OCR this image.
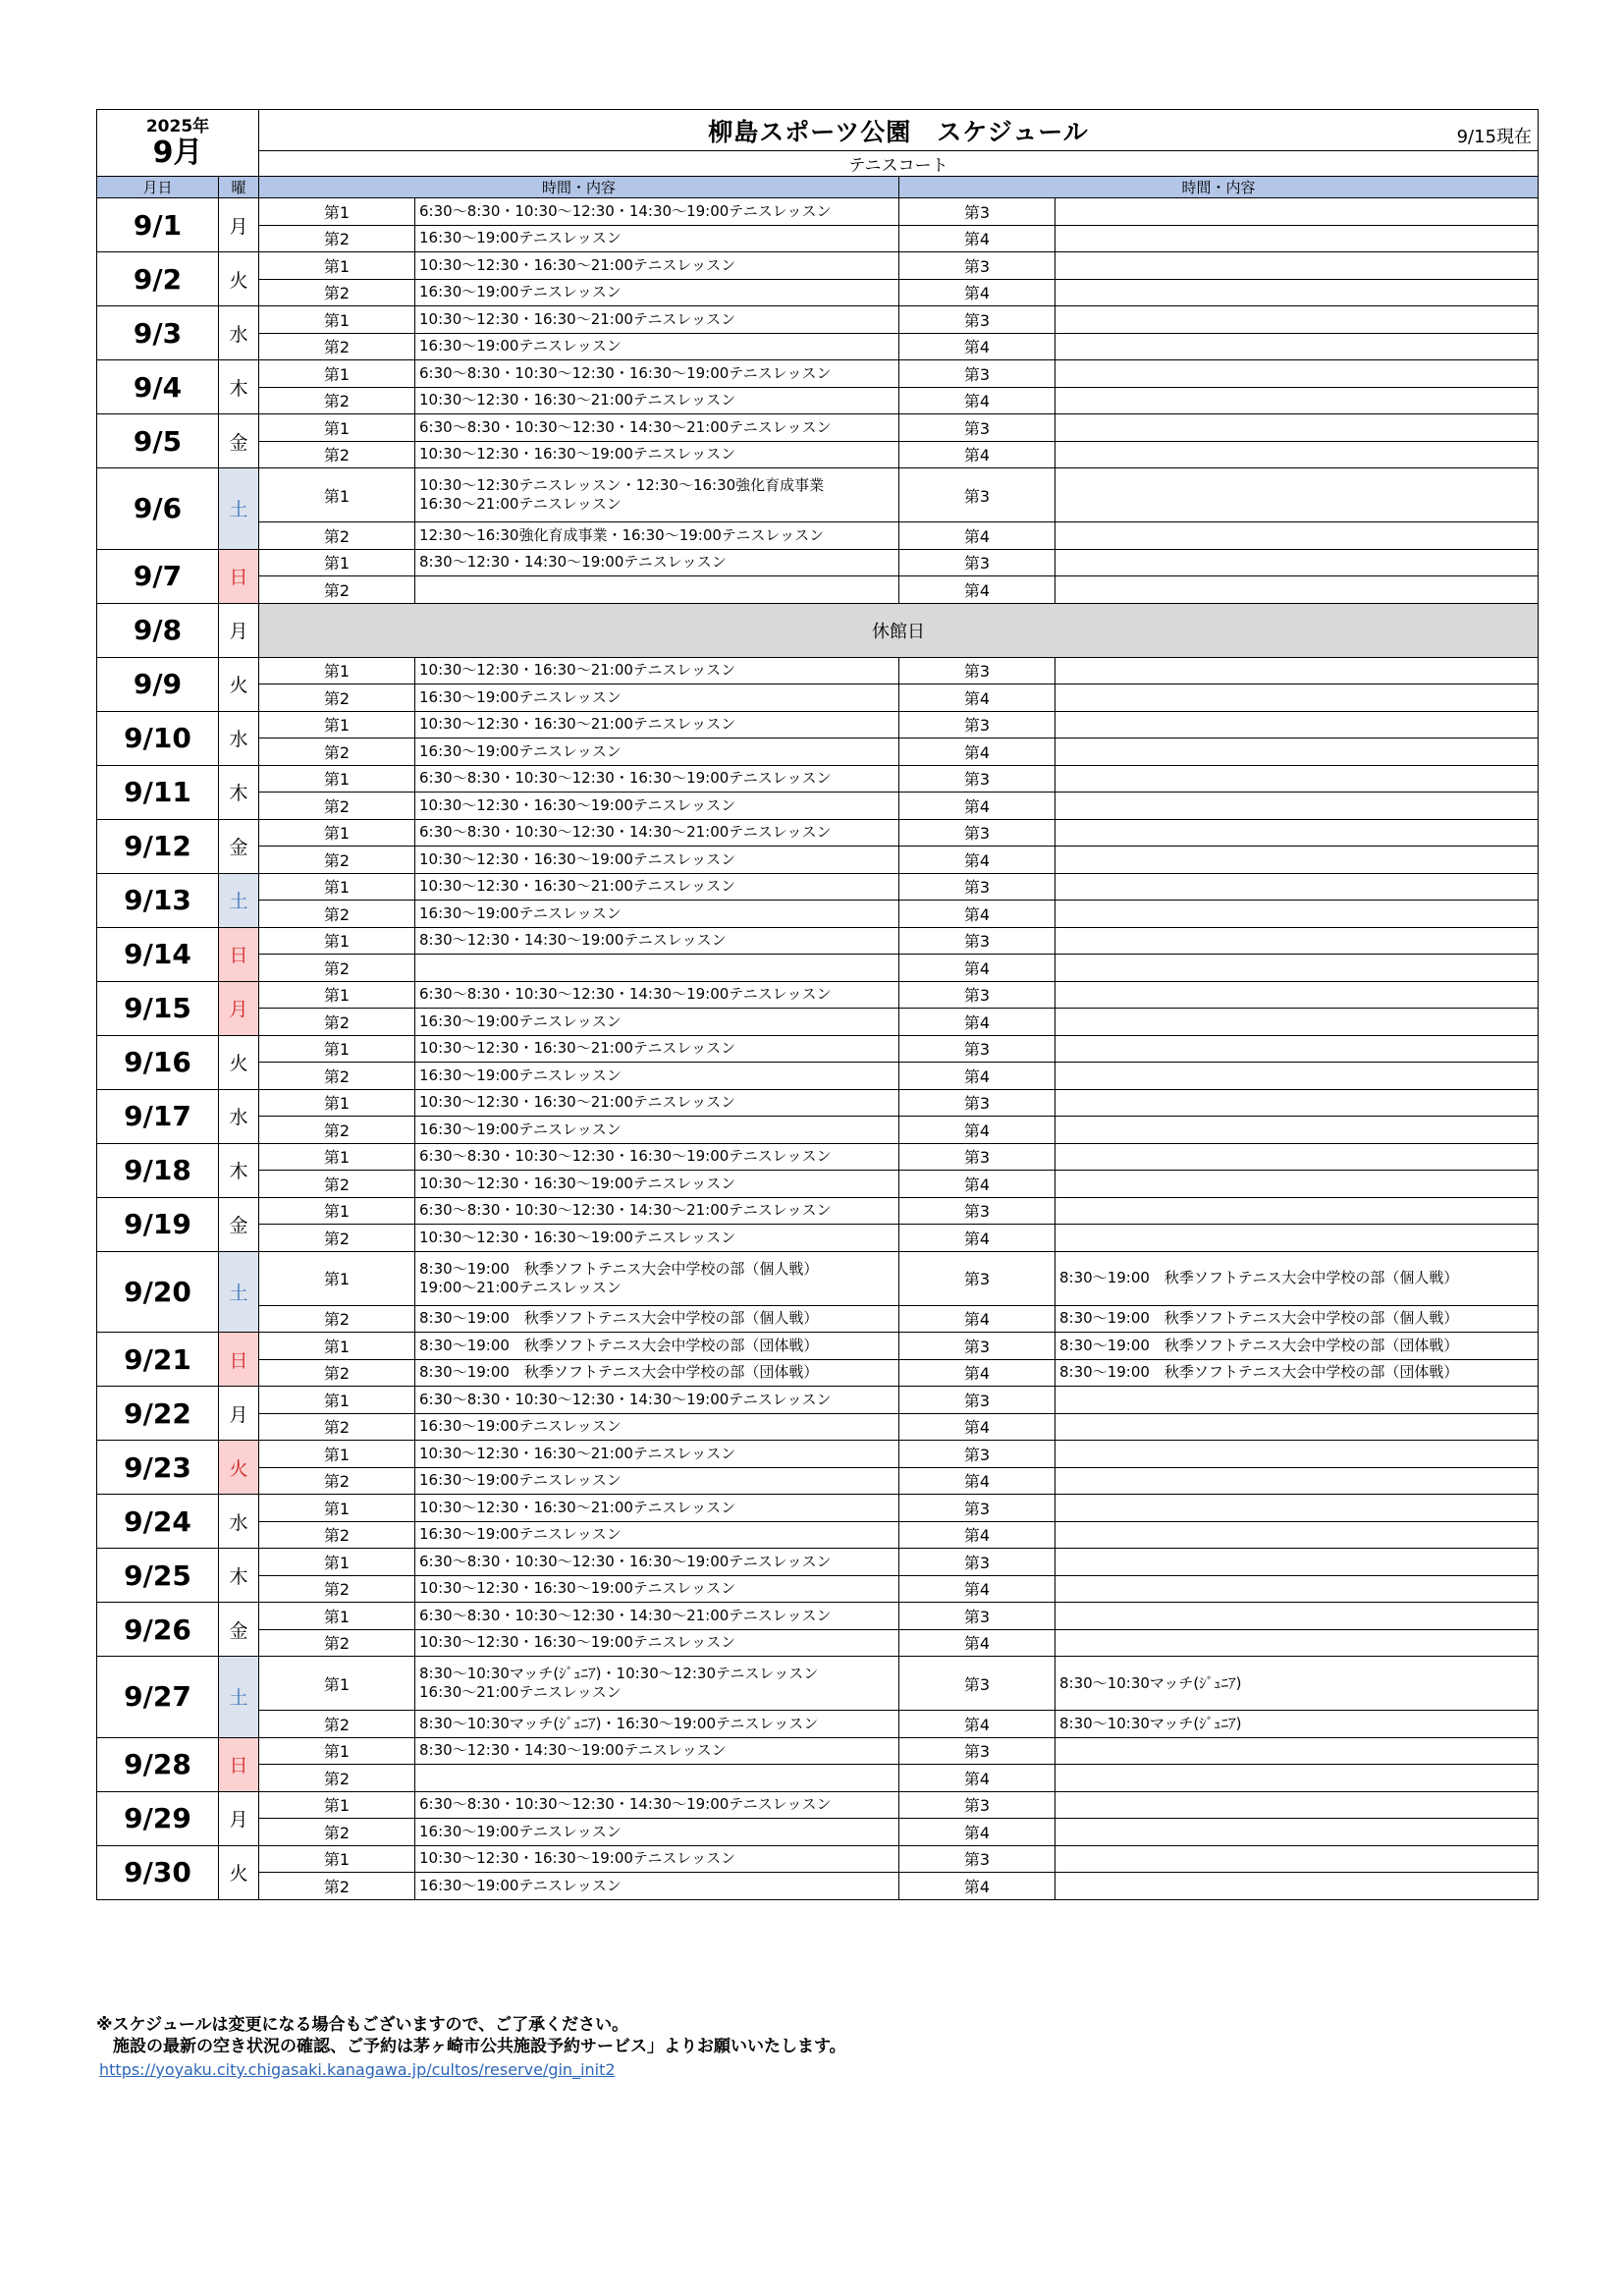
2025年
9月		柳島スポーツ公園　スケジュール 9/15現在			

		テニスコート			
月日	曜	時間・内容		時間・内容	
9/1	月	第1	6:30～8:30・10:30～12:30・14:30～19:00テニスレッスン	第3	
		第2	16:30～19:00テニスレッスン	第4	
9/2	火	第1	10:30～12:30・16:30～21:00テニスレッスン	第3	
		第2	16:30～19:00テニスレッスン	第4	
9/3	水	第1	10:30～12:30・16:30～21:00テニスレッスン	第3	
		第2	16:30～19:00テニスレッスン	第4	
9/4	木	第1	6:30～8:30・10:30～12:30・16:30～19:00テニスレッスン	第3	
		第2	10:30～12:30・16:30～21:00テニスレッスン	第4	
9/5	金	第1	6:30～8:30・10:30～12:30・14:30～21:00テニスレッスン	第3	
		第2	10:30～12:30・16:30～19:00テニスレッスン	第4	
9/6	土	第1	10:30～12:30テニスレッスン・12:30～16:30強化育成事業
16:30～21:00テニスレッスン	第3	
		第2	12:30～16:30強化育成事業・16:30～19:00テニスレッスン	第4	
9/7	日	第1	8:30～12:30・14:30～19:00テニスレッスン	第3	
		第2		第4	
9/8	月	休館日			
9/9	火	第1	10:30～12:30・16:30～21:00テニスレッスン	第3	
		第2	16:30～19:00テニスレッスン	第4	
9/10	水	第1	10:30～12:30・16:30～21:00テニスレッスン	第3	
		第2	16:30～19:00テニスレッスン	第4	
9/11	木	第1	6:30～8:30・10:30～12:30・16:30～19:00テニスレッスン	第3	
		第2	10:30～12:30・16:30～19:00テニスレッスン	第4	
9/12	金	第1	6:30～8:30・10:30～12:30・14:30～21:00テニスレッスン	第3	
		第2	10:30～12:30・16:30～19:00テニスレッスン	第4	
9/13	土	第1	10:30～12:30・16:30～21:00テニスレッスン	第3	
		第2	16:30～19:00テニスレッスン	第4	
9/14	日	第1	8:30～12:30・14:30～19:00テニスレッスン	第3	
		第2		第4	
9/15	月	第1	6:30～8:30・10:30～12:30・14:30～19:00テニスレッスン	第3	
		第2	16:30～19:00テニスレッスン	第4	
9/16	火	第1	10:30～12:30・16:30～21:00テニスレッスン	第3	
		第2	16:30～19:00テニスレッスン	第4	
9/17	水	第1	10:30～12:30・16:30～21:00テニスレッスン	第3	
		第2	16:30～19:00テニスレッスン	第4	
9/18	木	第1	6:30～8:30・10:30～12:30・16:30～19:00テニスレッスン	第3	
		第2	10:30～12:30・16:30～19:00テニスレッスン	第4	
9/19	金	第1	6:30～8:30・10:30～12:30・14:30～21:00テニスレッスン	第3	
		第2	10:30～12:30・16:30～19:00テニスレッスン	第4	
9/20	土	第1	8:30～19:00　秋季ソフトテニス大会中学校の部（個人戦）
19:00～21:00テニスレッスン	第3	8:30～19:00　秋季ソフトテニス大会中学校の部（個人戦）
		第2	8:30～19:00　秋季ソフトテニス大会中学校の部（個人戦）	第4	8:30～19:00　秋季ソフトテニス大会中学校の部（個人戦）
9/21	日	第1	8:30～19:00　秋季ソフトテニス大会中学校の部（団体戦）	第3	8:30～19:00　秋季ソフトテニス大会中学校の部（団体戦）
		第2	8:30～19:00　秋季ソフトテニス大会中学校の部（団体戦）	第4	8:30～19:00　秋季ソフトテニス大会中学校の部（団体戦）
9/22	月	第1	6:30～8:30・10:30～12:30・14:30～19:00テニスレッスン	第3	
		第2	16:30～19:00テニスレッスン	第4	
9/23	火	第1	10:30～12:30・16:30～21:00テニスレッスン	第3	
		第2	16:30～19:00テニスレッスン	第4	
9/24	水	第1	10:30～12:30・16:30～21:00テニスレッスン	第3	
		第2	16:30～19:00テニスレッスン	第4	
9/25	木	第1	6:30～8:30・10:30～12:30・16:30～19:00テニスレッスン	第3	
		第2	10:30～12:30・16:30～19:00テニスレッスン	第4	
9/26	金	第1	6:30～8:30・10:30～12:30・14:30～21:00テニスレッスン	第3	
		第2	10:30～12:30・16:30～19:00テニスレッスン	第4	
9/27	土	第1	8:30～10:30マッチ(ｼﾞｭﾆｱ)・10:30～12:30テニスレッスン
16:30～21:00テニスレッスン	第3	8:30～10:30マッチ(ｼﾞｭﾆｱ)
		第2	8:30～10:30マッチ(ｼﾞｭﾆｱ)・16:30～19:00テニスレッスン	第4	8:30～10:30マッチ(ｼﾞｭﾆｱ)
9/28	日	第1	8:30～12:30・14:30～19:00テニスレッスン	第3	
		第2		第4	
9/29	月	第1	6:30～8:30・10:30～12:30・14:30～19:00テニスレッスン	第3	
		第2	16:30～19:00テニスレッスン	第4	
9/30	火	第1	10:30～12:30・16:30～19:00テニスレッスン	第3	
		第2	16:30～19:00テニスレッスン	第4	
※スケジュールは変更になる場合もございますので、ご了承ください。
　施設の最新の空き状況の確認、ご予約は茅ヶ崎市公共施設予約サービス」よりお願いいたします。
https://yoyaku.city.chigasaki.kanagawa.jp/cultos/reserve/gin_init2
